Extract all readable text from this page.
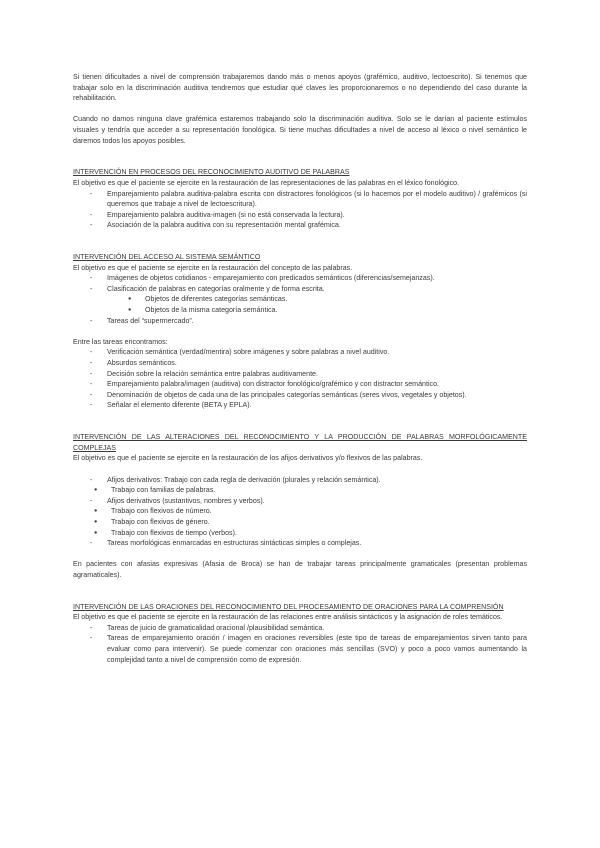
Si tienen dificultades a nivel de comprensión trabajaremos dando más o menos apoyos (grafémico, auditivo, lectoescrito). Si tenemos que trabajar solo en la discriminación auditiva tendremos que estudiar qué claves les proporcionaremos o no dependiendo del caso durante la rehabilitación.

Cuando no damos ninguna clave grafémica estaremos trabajando solo la discriminación auditiva. Solo se le darían al paciente estímulos visuales y tendría que acceder a su representación fonológica. Si tiene muchas dificultades a nivel de acceso al léxico o nivel semántico le daremos todos los apoyos posibles.

INTERVENCIÓN EN PROCESOS DEL RECONOCIMIENTO AUDITIVO DE PALABRAS

El objetivo es que el paciente se ejercite en la restauración de las representaciones de las palabras en el léxico fonológico.

- Emparejamiento palabra auditiva-palabra escrita con distractores fonológicos (si lo hacemos por el modelo auditivo) / grafémicos (si queremos que trabaje a nivel de lectoescritura).
- Emparejamiento palabra auditiva-imagen (si no está conservada la lectura).
- Asociación de la palabra auditiva con su representación mental grafémica.
INTERVENCIÓN DEL ACCESO AL SISTEMA SEMÁNTICO

El objetivo es que el paciente se ejercite en la restauración del concepto de las palabras.

- Imágenes de objetos cotidianos - emparejamiento con predicados semánticos (diferencias/semejanzas).
- Clasificación de palabras en categorías oralmente y de forma escrita.
● Objetos de diferentes categorías semánticas.
● Objetos de la misma categoría semántica.
- Tareas del “supermercado”.

Entre las tareas encontramos:

- Verificación semántica (verdad/mentira) sobre imágenes y sobre palabras a nivel auditivo.
- Absurdos semánticos.
- Decisión sobre la relación semántica entre palabras auditivamente.
- Emparejamiento palabra/imagen (auditiva) con distractor fonológico/grafémico y con distractor semántico.
- Denominación de objetos de cada una de las principales categorías semánticas (seres vivos, vegetales y objetos).
- Señalar el elemento diferente (BETA y EPLA).
INTERVENCIÓN DE LAS ALTERACIONES DEL RECONOCIMIENTO Y LA PRODUCCIÓN DE PALABRAS MORFOLÓGICAMENTE COMPLEJAS

El objetivo es que el paciente se ejercite en la restauración de los afijos derivativos y/o flexivos de las palabras.

- Afijos derivativos: Trabajo con cada regla de derivación (plurales y relación semántica).
● Trabajo con familias de palabras.
- Afijos derivativos (sustantivos, nombres y verbos).
● Trabajo con flexivos de número.
● Trabajo con flexivos de género.
● Trabajo con flexivos de tiempo (verbos).
- Tareas morfológicas enmarcadas en estructuras sintácticas simples o complejas.

En pacientes con afasias expresivas (Afasia de Broca) se han de trabajar tareas principalmente gramaticales (presentan problemas agramaticales).

INTERVENCIÓN DE LAS ORACIONES DEL RECONOCIMIENTO DEL PROCESAMIENTO DE ORACIONES PARA LA COMPRENSIÓN

El objetivo es que el paciente se ejercite en la restauración de las relaciones entre análisis sintácticos y la asignación de roles temáticos.

- Tareas de juicio de gramaticalidad oracional /plausibilidad semántica.
- Tareas de emparejamiento oración / imagen en oraciones reversibles (este tipo de tareas de emparejamientos sirven tanto para evaluar como para intervenir). Se puede comenzar con oraciones más sencillas (SVO) y poco a poco vamos aumentando la complejidad tanto a nivel de comprensión como de expresión.
